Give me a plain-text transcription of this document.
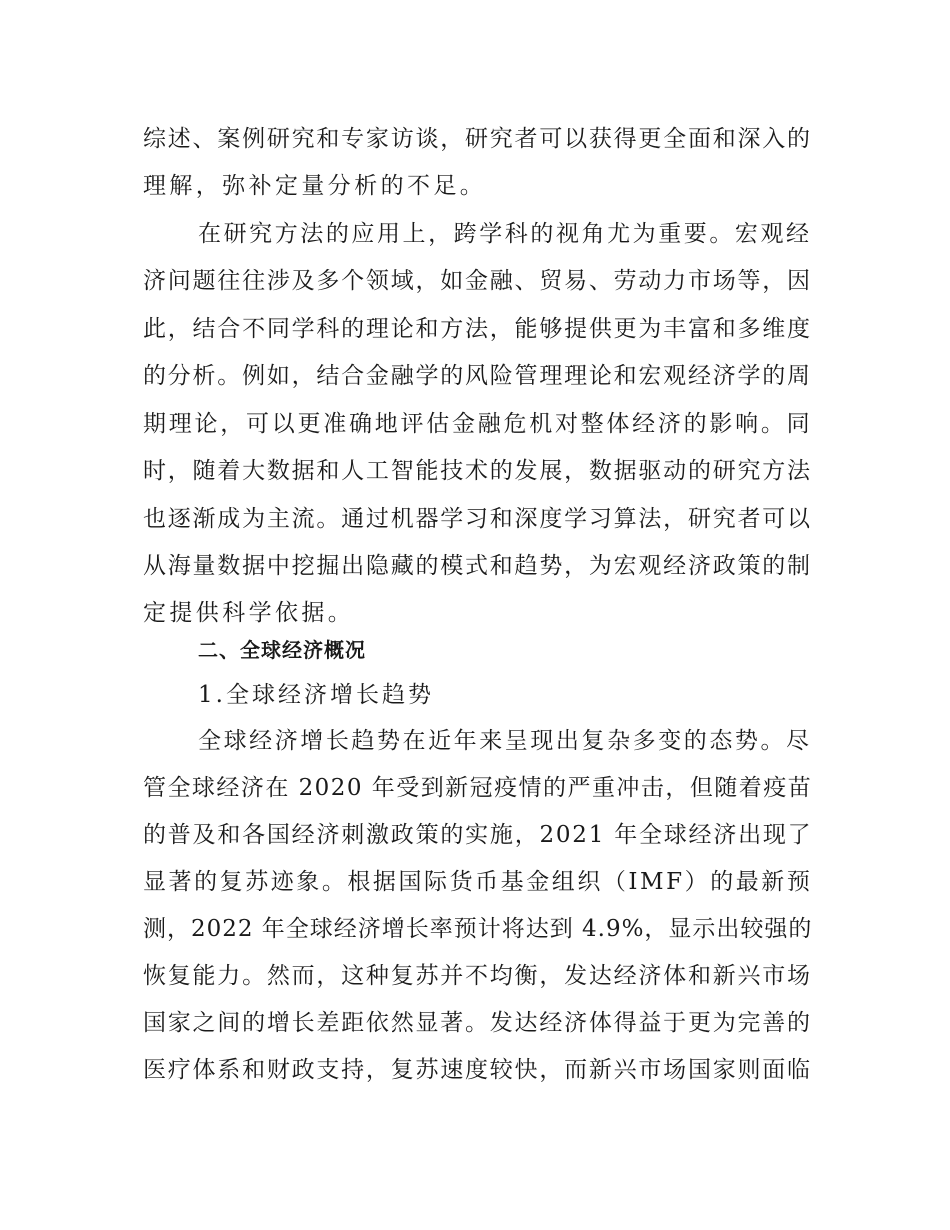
综述、案例研究和专家访谈，研究者可以获得更全面和深入的

理解，弥补定量分析的不足。

在研究方法的应用上，跨学科的视角尤为重要。宏观经

济问题往往涉及多个领域，如金融、贸易、劳动力市场等，因

此，结合不同学科的理论和方法，能够提供更为丰富和多维度

的分析。例如，结合金融学的风险管理理论和宏观经济学的周

期理论，可以更准确地评估金融危机对整体经济的影响。同

时，随着大数据和人工智能技术的发展，数据驱动的研究方法

也逐渐成为主流。通过机器学习和深度学习算法，研究者可以

从海量数据中挖掘出隐藏的模式和趋势，为宏观经济政策的制

定提供科学依据。

二、全球经济概况

1.全球经济增长趋势

全球经济增长趋势在近年来呈现出复杂多变的态势。尽

管全球经济在 2020 年受到新冠疫情的严重冲击，但随着疫苗

的普及和各国经济刺激政策的实施，2021 年全球经济出现了

显著的复苏迹象。根据国际货币基金组织（IMF）的最新预

测，2022 年全球经济增长率预计将达到 4.9%，显示出较强的

恢复能力。然而，这种复苏并不均衡，发达经济体和新兴市场

国家之间的增长差距依然显著。发达经济体得益于更为完善的

医疗体系和财政支持，复苏速度较快，而新兴市场国家则面临
